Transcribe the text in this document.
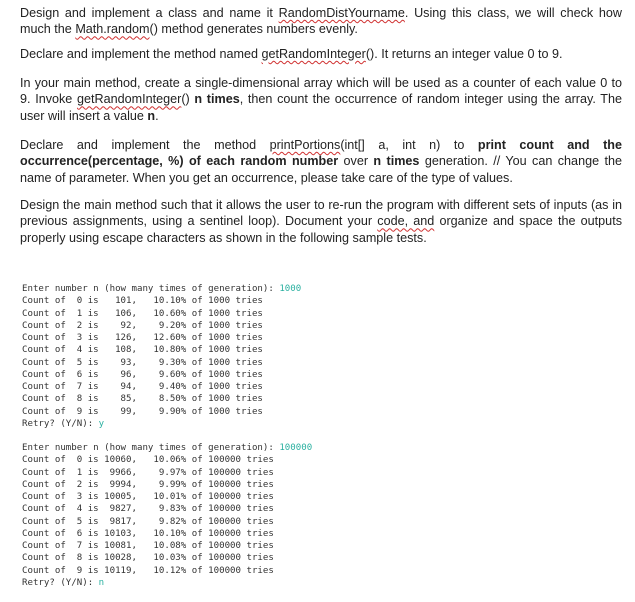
Design and implement a class and name it RandomDistYourname. Using this class, we will check how much the Math.random() method generates numbers evenly.

Declare and implement the method named getRandomInteger(). It returns an integer value 0 to 9.

In your main method, create a single-dimensional array which will be used as a counter of each value 0 to 9. Invoke getRandomInteger() n times, then count the occurrence of random integer using the array. The user will insert a value n.

Declare and implement the method printPortions(int[] a, int n) to print count and the occurrence(percentage, %) of each random number over n times generation. // You can change the name of parameter. When you get an occurrence, please take care of the type of values.

Design the main method such that it allows the user to re-run the program with different sets of inputs (as in previous assignments, using a sentinel loop). Document your code, and organize and space the outputs properly using escape characters as shown in the following sample tests.

Enter number n (how many times of generation): 1000
Count of  0 is   101,   10.10% of 1000 tries
Count of  1 is   106,   10.60% of 1000 tries
Count of  2 is    92,    9.20% of 1000 tries
Count of  3 is   126,   12.60% of 1000 tries
Count of  4 is   108,   10.80% of 1000 tries
Count of  5 is    93,    9.30% of 1000 tries
Count of  6 is    96,    9.60% of 1000 tries
Count of  7 is    94,    9.40% of 1000 tries
Count of  8 is    85,    8.50% of 1000 tries
Count of  9 is    99,    9.90% of 1000 tries
Retry? (Y/N): y
Enter number n (how many times of generation): 100000
Count of  0 is 10060,   10.06% of 100000 tries
Count of  1 is  9966,    9.97% of 100000 tries
Count of  2 is  9994,    9.99% of 100000 tries
Count of  3 is 10005,   10.01% of 100000 tries
Count of  4 is  9827,    9.83% of 100000 tries
Count of  5 is  9817,    9.82% of 100000 tries
Count of  6 is 10103,   10.10% of 100000 tries
Count of  7 is 10081,   10.08% of 100000 tries
Count of  8 is 10028,   10.03% of 100000 tries
Count of  9 is 10119,   10.12% of 100000 tries
Retry? (Y/N): n
